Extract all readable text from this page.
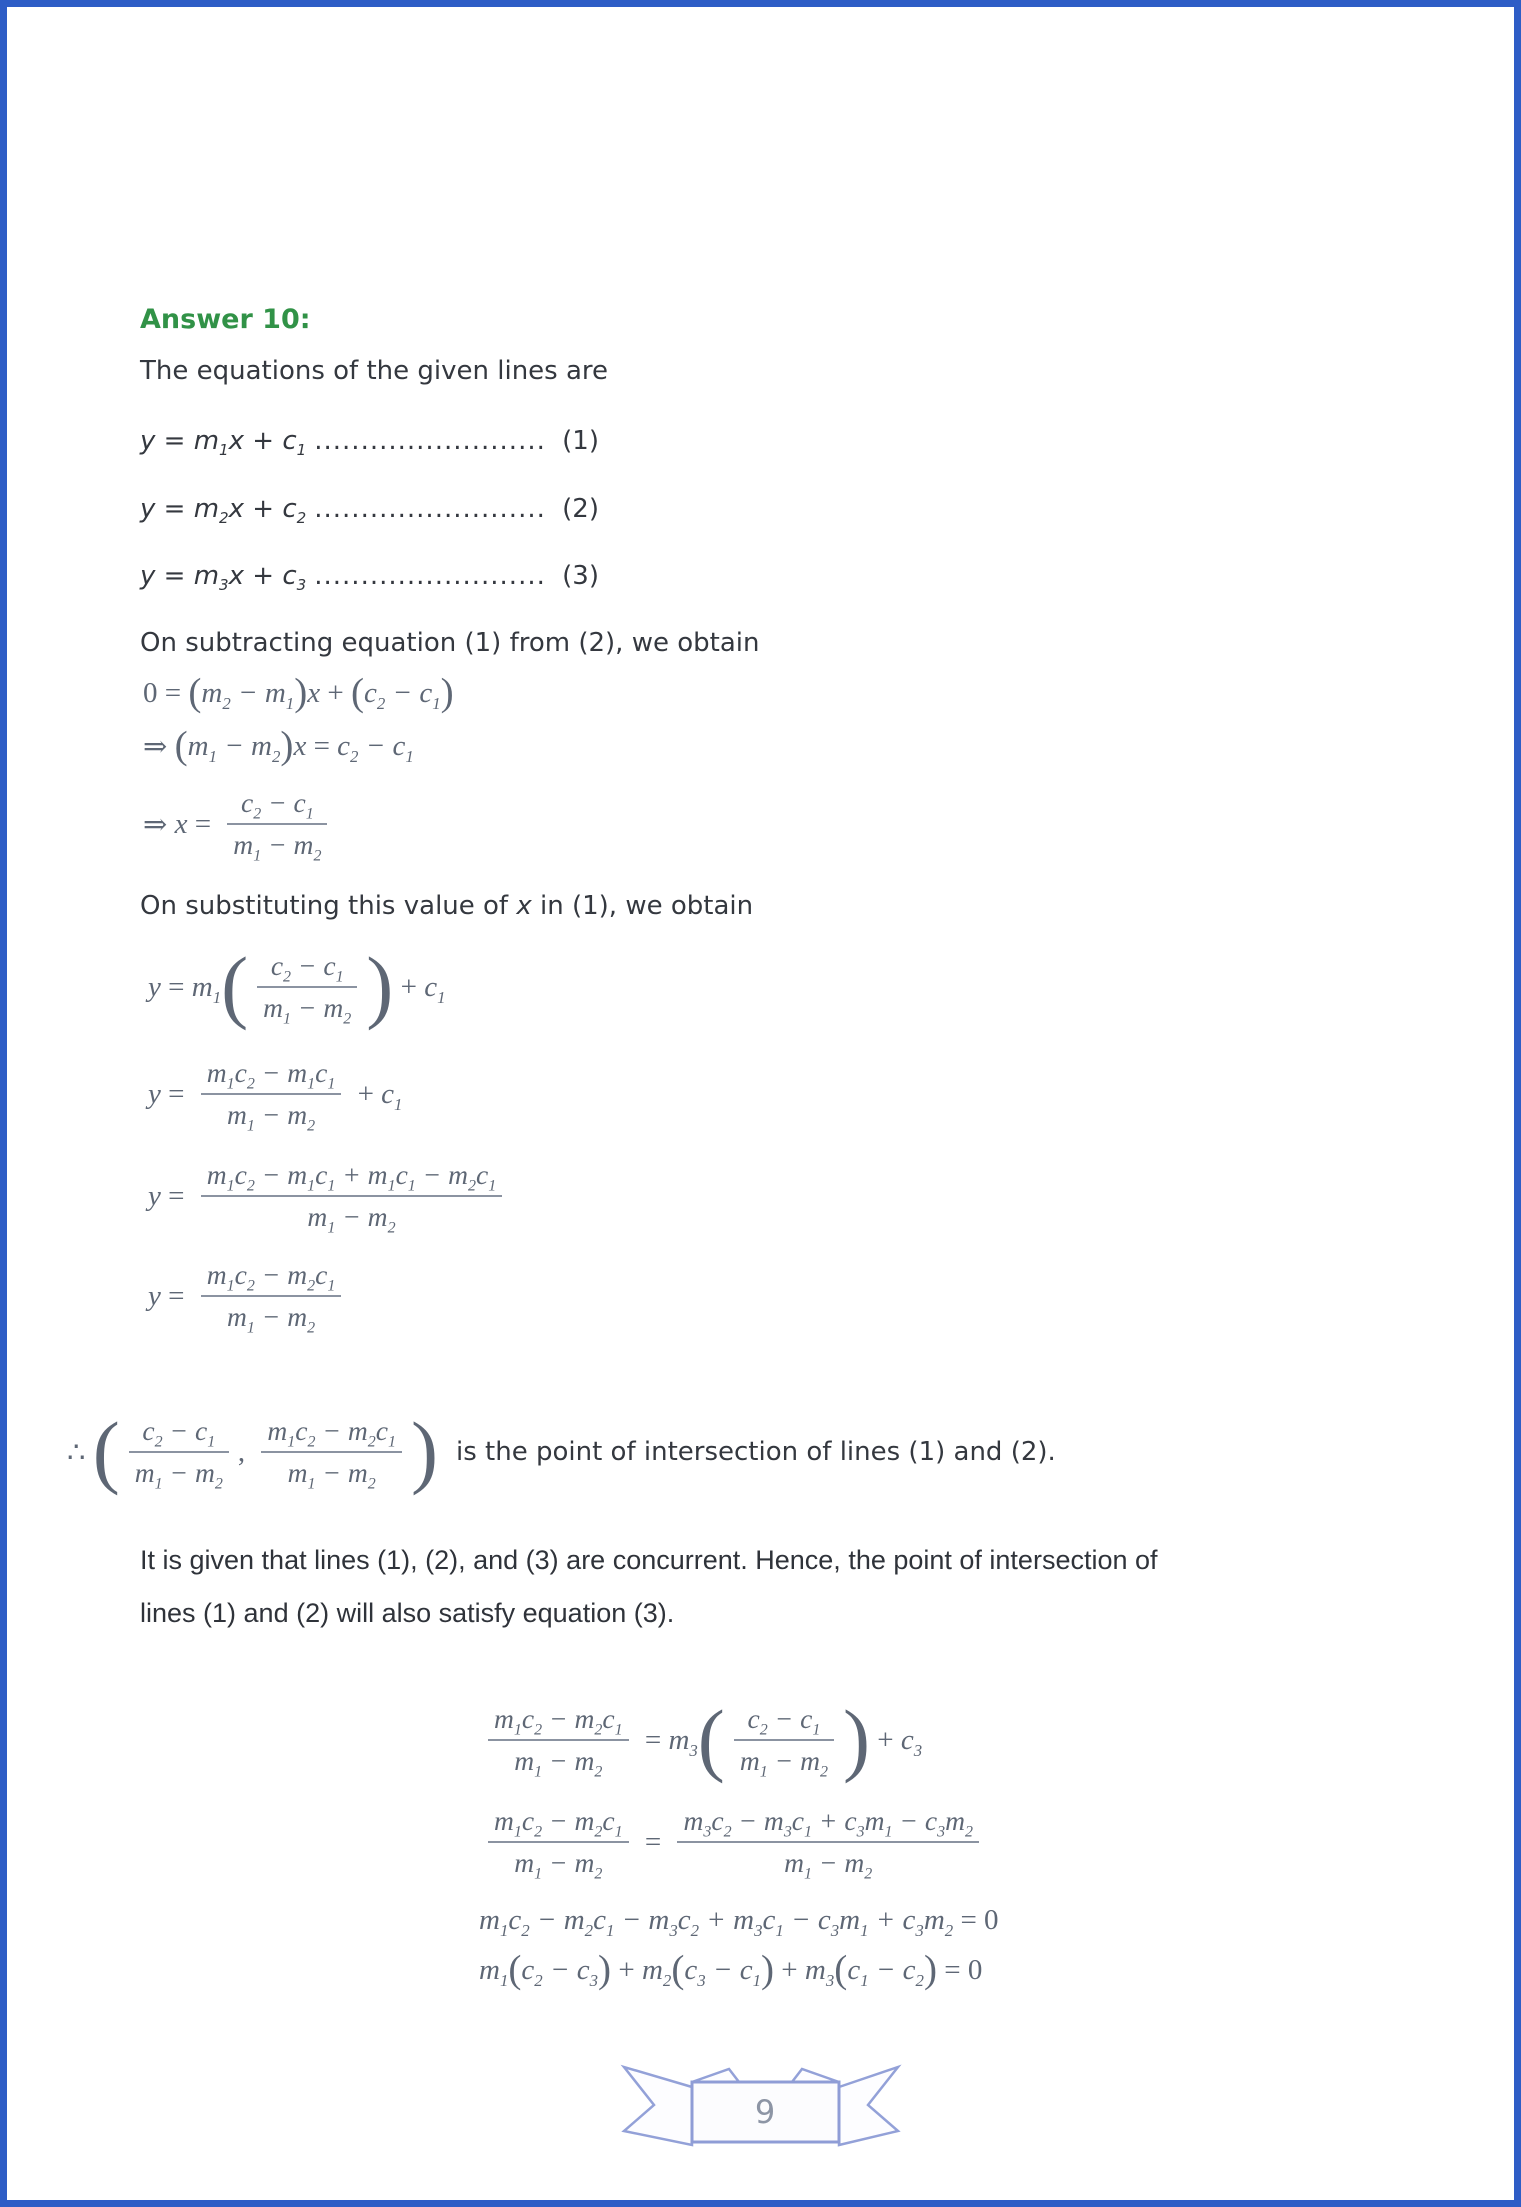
Answer 10:
The equations of the given lines are
$y = m_1x + c_1$ ......................... (1)
$y = m_2x + c_2$ ......................... (2)
$y = m_3x + c_3$ ......................... (3)
On subtracting equation (1) from (2), we obtain
0 = ( $m_2 - m_1$ ) x + ( $c_2 - c_1$ )
⇒ ( $m_1 - m_2$ ) $x = c_2 - c_1$
⇒ $x = \frac{c_2 - c_1}{m_1 - m_2}$
On substituting this value of x in (1), we obtain
$y = m_1$ ( $\frac{c_2 - c_1}{m_1 - m_2}$ ) + $c_1$
$y = \frac{m_1c_2 - m_1c_1}{m_1 - m_2} + c_1$
$y = \frac{m_1c_2 - m_1c_1 + m_1c_1 - m_2c_1}{m_1 - m_2}$
$y = \frac{m_1c_2 - m_2c_1}{m_1 - m_2}$
∴ ( $\frac{c_2 - c_1}{m_1 - m_2}$ , $\frac{m_1c_2 - m_2c_1}{m_1 - m_2}$ ) is the point of intersection of lines (1) and (2).
It is given that lines (1), (2), and (3) are concurrent. Hence, the point of intersection of
lines (1) and (2) will also satisfy equation (3).
$\frac{m_1c_2 - m_2c_1}{m_1 - m_2} = m_3$ ( $\frac{c_2 - c_1}{m_1 - m_2}$ ) + $c_3$
$\frac{m_1c_2 - m_2c_1}{m_1 - m_2} = \frac{m_3c_2 - m_3c_1 + c_3m_1 - c_3m_2}{m_1 - m_2}$
$m_1c_2 - m_2c_1 - m_3c_2 + m_3c_1 - c_3m_1 + c_3m_2 = 0$
$m_1$ ( $c_2 - c_3$ ) + $m_2$ ( $c_3 - c_1$ ) + $m_3$ ( $c_1 - c_2$ ) = 0
9
